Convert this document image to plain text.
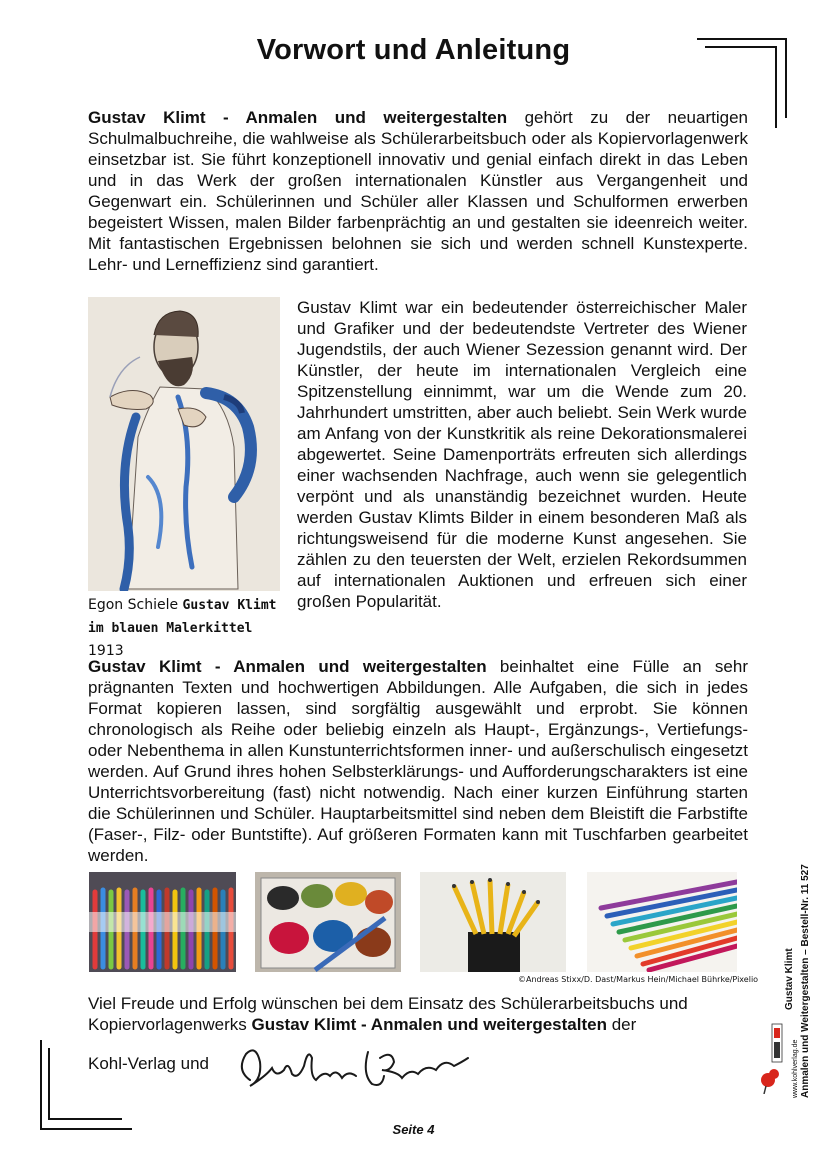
Vorwort und Anleitung

Gustav Klimt - Anmalen und weitergestalten gehört zu der neuartigen Schulmalbuchreihe, die wahlweise als Schülerarbeitsbuch oder als Kopiervorlagenwerk einsetzbar ist. Sie führt konzeptionell innovativ und genial einfach direkt in das Leben und in das Werk der großen internationalen Künstler aus Vergangenheit und Gegenwart ein. Schülerinnen und Schüler aller Klassen und Schulformen erwerben begeistert Wissen, malen Bilder farbenprächtig an und gestalten sie ideenreich weiter. Mit fantastischen Ergebnissen belohnen sie sich und werden schnell Kunstexperte. Lehr- und Lerneffizienz sind garantiert.

Egon Schiele Gustav Klimt im blauen Malerkittel 1913

Gustav Klimt war ein bedeutender österreichischer Maler und Grafiker und der bedeutendste Vertreter des Wiener Jugendstils, der auch Wiener Sezession genannt wird. Der Künstler, der heute im internationalen Vergleich eine Spitzenstellung einnimmt, war um die Wende zum 20. Jahrhundert umstritten, aber auch beliebt. Sein Werk wurde am Anfang von der Kunstkritik als reine Dekorationsmalerei abgewertet. Seine Damenporträts erfreuten sich allerdings einer wachsenden Nachfrage, auch wenn sie gelegentlich verpönt und als unanständig bezeichnet wurden. Heute werden Gustav Klimts Bilder in einem besonderen Maß als richtungsweisend für die moderne Kunst angesehen. Sie zählen zu den teuersten der Welt, erzielen Rekordsummen auf internationalen Auktionen und erfreuen sich einer großen Popularität.

Gustav Klimt - Anmalen und weitergestalten beinhaltet eine Fülle an sehr prägnanten Texten und hochwertigen Abbildungen. Alle Aufgaben, die sich in jedes Format kopieren lassen, sind sorgfältig ausgewählt und erprobt. Sie können chronologisch als Reihe oder beliebig einzeln als Haupt-, Ergänzungs-, Vertiefungs- oder Nebenthema in allen Kunstunterrichtsformen inner- und außerschulisch eingesetzt werden. Auf Grund ihres hohen Selbsterklärungs- und Aufforderungscharakters ist eine Unterrichtsvorbereitung (fast) nicht notwendig. Nach einer kurzen Einführung starten die Schülerinnen und Schüler. Hauptarbeitsmittel sind neben dem Bleistift die Farbstifte (Faser-, Filz- oder Buntstifte). Auf größeren Formaten kann mit Tuschfarben gearbeitet werden.

©Andreas Stixx/D. Dast/Markus Hein/Michael Bührke/Pixelio

Viel Freude und Erfolg wünschen bei dem Einsatz des Schülerarbeitsbuchs und Kopiervorlagenwerks Gustav Klimt - Anmalen und weitergestalten der
Kohl-Verlag und

Seite 4
Gustav Klimt Anmalen und Weitergestalten – Bestell-Nr. 11 527
www.kohlverlag.de
